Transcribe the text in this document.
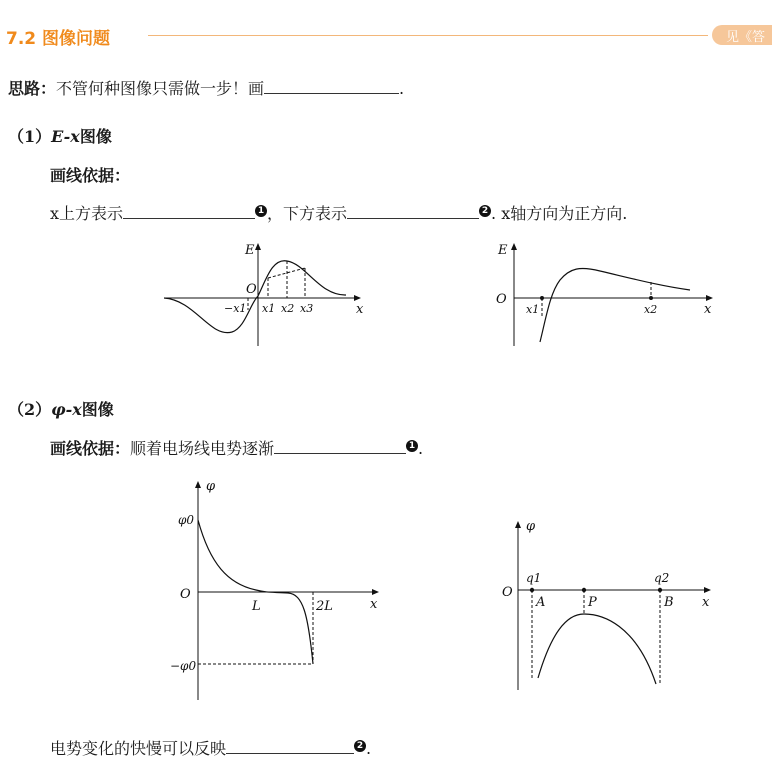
7.2 图像问题	见《答
思路：不管何种图像只需做一步！画	.
（1）E-x图像
画线依据：
x上方表示	1 ，下方表示	2 . x轴方向为正方向.
E
x
O
−x1 x1 x2 x3
E
x
O
x1	x2
（2）φ-x图像
画线依据：顺着电场线电势逐渐	1 .
φ
x
O
φ0
−φ0
L	2L
φ
x
O
q1	q2
A	P	B
电势变化的快慢可以反映	2 .
